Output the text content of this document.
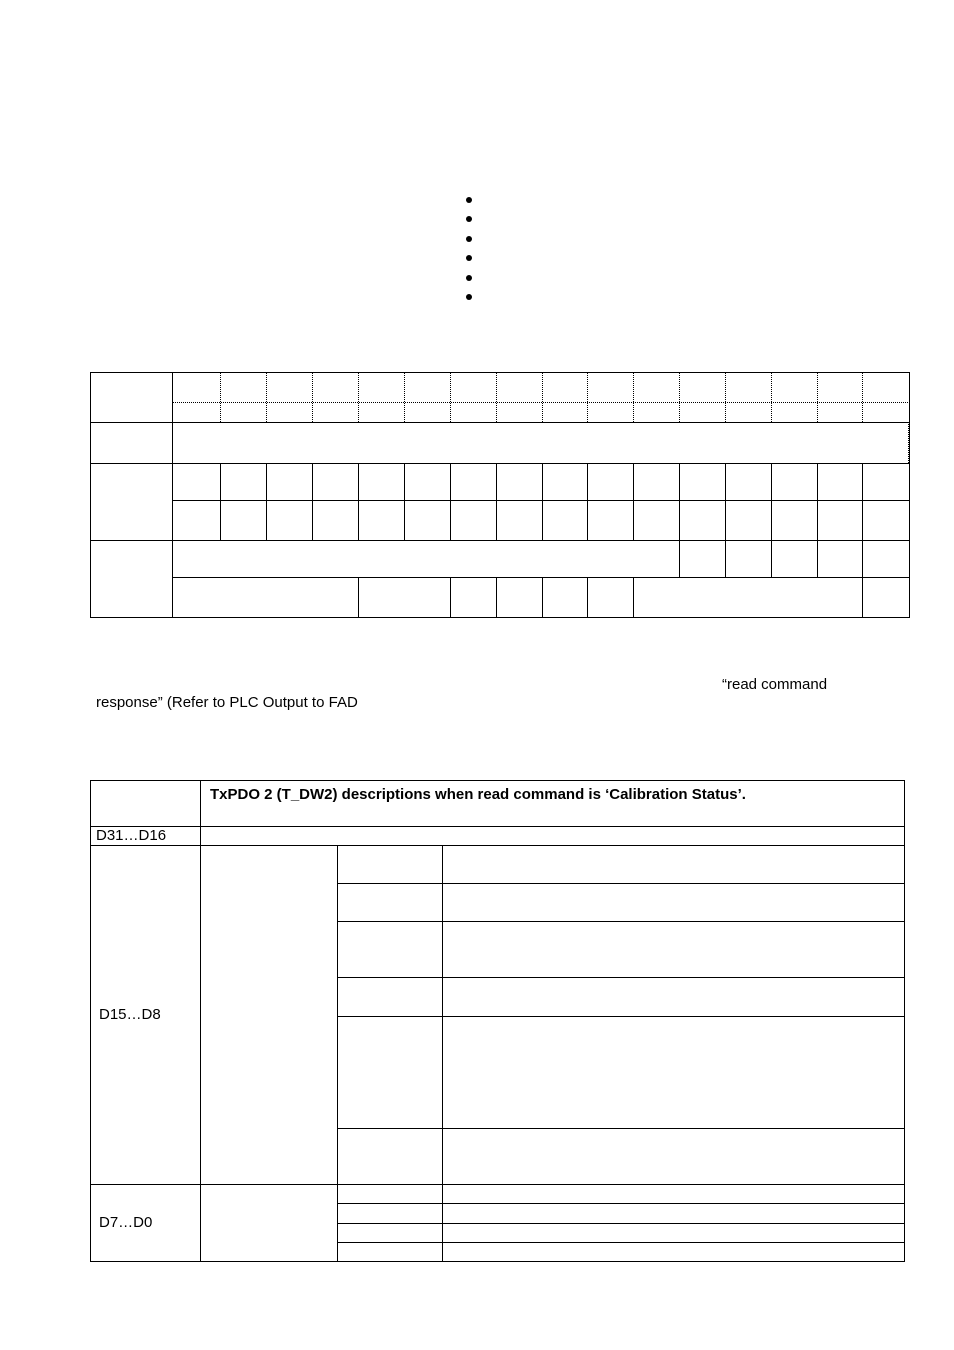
“read command
response” (Refer to PLC Output to FAD
TxPDO 2 (T_DW2) descriptions when read command is ‘Calibration Status’.
D31…D16
D15…D8
D7…D0
